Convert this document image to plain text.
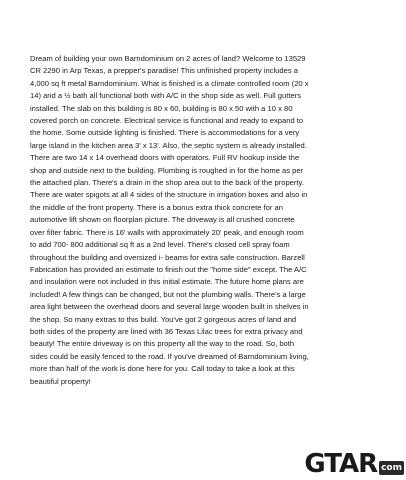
Dream of building your own Barndominium on 2 acres of land? Welcome to 13529
CR 2290 in Arp Texas, a prepper's paradise! This unfinished property includes a
4,000 sq ft metal Barndominium. What is finished is a climate controlled room (20 x
14) and a ½ bath all functional both with A/C in the shop side as well. Full gutters
installed. The slab on this building is 80 x 60, building is 80 x 50 with a 10 x 80
covered porch on concrete. Electrical service is functional and ready to expand to
the home. Some outside lighting is finished. There is accommodations for a very
large island in the kitchen area 3' x 13'. Also, the septic system is already installed.
There are two 14 x 14 overhead doors with operators. Full RV hookup inside the
shop and outside next to the building. Plumbing is roughed in for the home as per
the attached plan. There's a drain in the shop area out to the back of the property.
There are water spigots at all 4 sides of the structure in irrigation boxes and also in
the middle of the front property. There is a bonus extra thick concrete for an
automotive lift shown on floorplan picture. The driveway is all crushed concrete
over filter fabric. There is 16' walls with approximately 20' peak, and enough room
to add 700- 800 additional sq ft as a 2nd level. There's closed cell spray foam
throughout the building and oversized i- beams for extra safe construction. Barzell
Fabrication has provided an estimate to finish out the "home side" except. The A/C
and insulation were not included in this initial estimate. The future home plans are
included! A few things can be changed, but not the plumbing walls. There's a large
area light between the overhead doors and several large wooden built in shelves in
the shop. So many extras to this build. You've got 2 gorgeous acres of land and
both sides of the property are lined with 36 Texas Lilac trees for extra privacy and
beauty! The entire driveway is on this property all the way to the road. So, both
sides could be easily fenced to the road. If you've dreamed of Barndominium living,
more than half of the work is done here for you. Call today to take a look at this
beautiful property!
GTAR com
